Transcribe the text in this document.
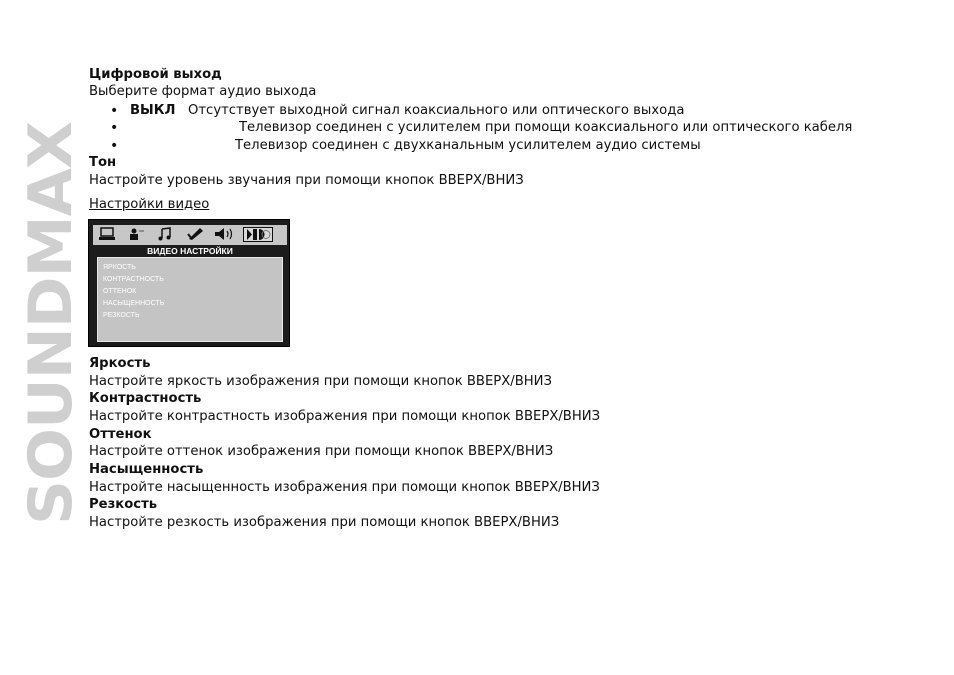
SOUNDMAX
Цифровой выход
Выберите формат аудио выхода
• ВЫКЛ Отсутствует выходной сигнал коаксиального или оптического выхода
•	Телевизор соединен с усилителем при помощи коаксиального или оптического кабеля
•	Телевизор соединен с двухканальным усилителем аудио системы
Тон
Настройте уровень звучания при помощи кнопок ВВЕРХ/ВНИЗ
Настройки видео
ВИДЕО НАСТРОЙКИ
ЯРКОСТЬ
КОНТРАСТНОСТЬ
ОТТЕНОК
НАСЫЩЕННОСТЬ
РЕЗКОСТЬ
Яркость
Настройте яркость изображения при помощи кнопок ВВЕРХ/ВНИЗ
Контрастность
Настройте контрастность изображения при помощи кнопок ВВЕРХ/ВНИЗ
Оттенок
Настройте оттенок изображения при помощи кнопок ВВЕРХ/ВНИЗ
Насыщенность
Настройте насыщенность изображения при помощи кнопок ВВЕРХ/ВНИЗ
Резкость
Настройте резкость изображения при помощи кнопок ВВЕРХ/ВНИЗ
